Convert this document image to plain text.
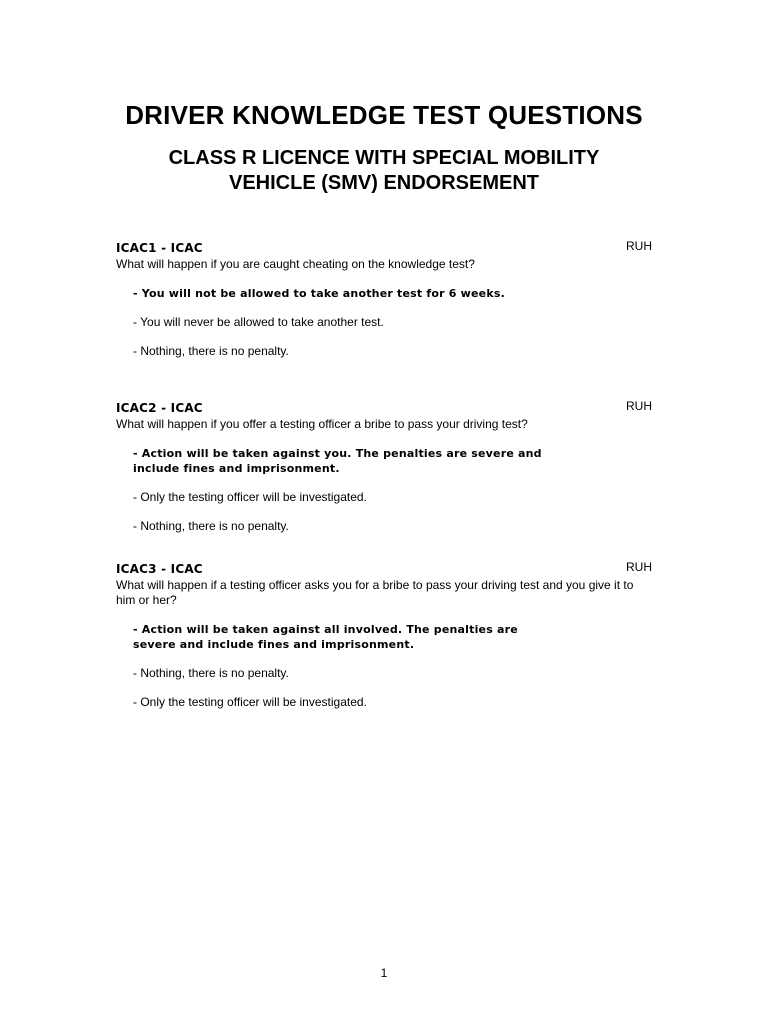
DRIVER KNOWLEDGE TEST QUESTIONS
CLASS R LICENCE WITH SPECIAL MOBILITY
VEHICLE (SMV) ENDORSEMENT
ICAC1 - ICAC	RUH
What will happen if you are caught cheating on the knowledge test?
- You will not be allowed to take another test for 6 weeks.
- You will never be allowed to take another test.
- Nothing, there is no penalty.
ICAC2 - ICAC	RUH
What will happen if you offer a testing officer a bribe to pass your driving test?
- Action will be taken against you. The penalties are severe and include fines and imprisonment.
- Only the testing officer will be investigated.
- Nothing, there is no penalty.
ICAC3 - ICAC	RUH
What will happen if a testing officer asks you for a bribe to pass your driving test and you give it to him or her?
- Action will be taken against all involved. The penalties are severe and include fines and imprisonment.
- Nothing, there is no penalty.
- Only the testing officer will be investigated.
1
